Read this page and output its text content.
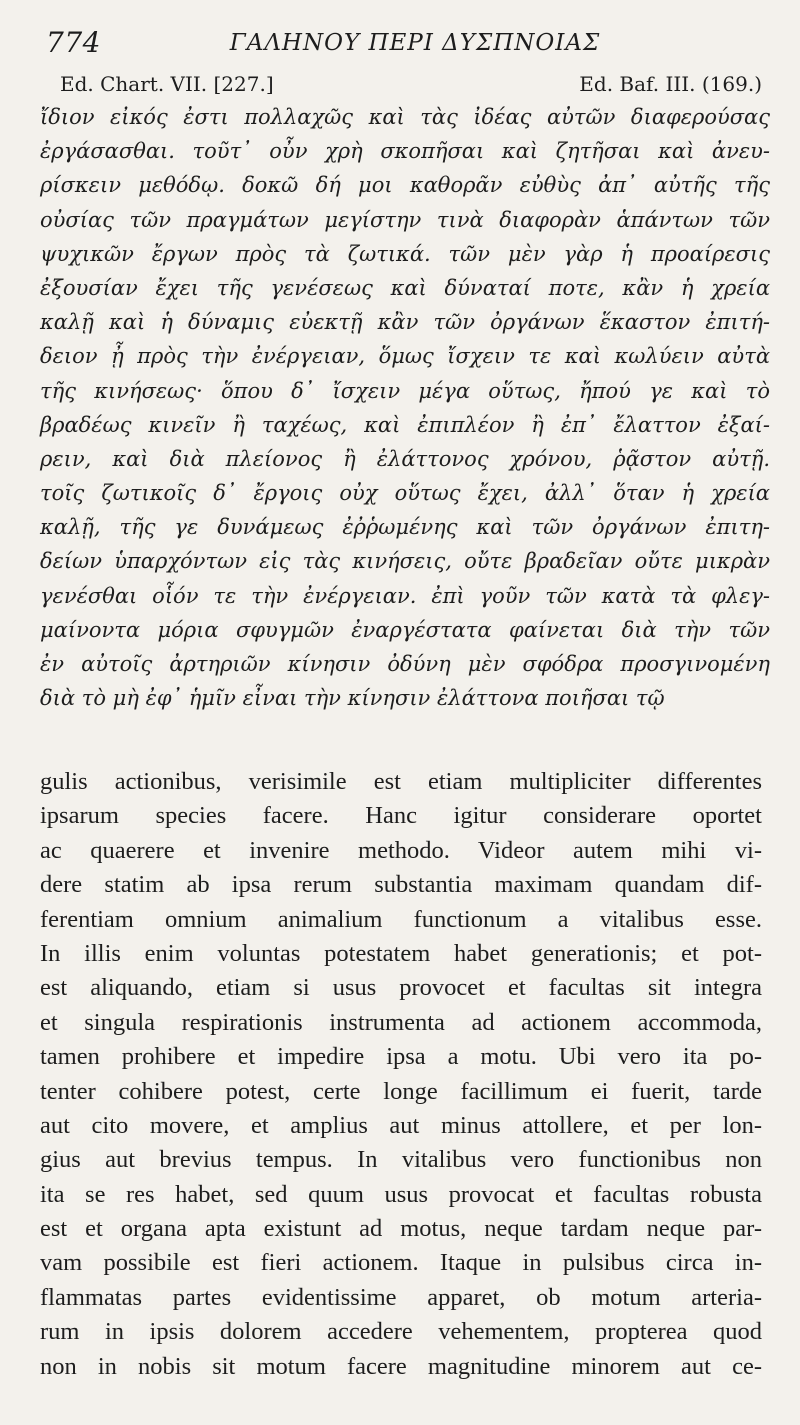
774	ΓΑΛΗΝΟΥ ΠΕΡΙ ΔΥΣΠΝΟΙΑΣ
Ed. Chart. VII. [227.]	Ed. Baf. III. (169.)
ἴδιον εἰκός ἐστι πολλαχῶς καὶ τὰς ἰδέας αὐτῶν διαφερούσας
ἐργάσασθαι. τοῦτ᾽ οὖν χρὴ σκοπῆσαι καὶ ζητῆσαι καὶ ἀνευ-
ρίσκειν μεθόδῳ. δοκῶ δή μοι καθορᾶν εὐθὺς ἀπ᾽ αὐτῆς τῆς
οὐσίας τῶν πραγμάτων μεγίστην τινὰ διαφορὰν ἁπάντων τῶν
ψυχικῶν ἔργων πρὸς τὰ ζωτικά. τῶν μὲν γὰρ ἡ προαίρεσις
ἐξουσίαν ἔχει τῆς γενέσεως καὶ δύναταί ποτε, κἂν ἡ χρεία
καλῇ καὶ ἡ δύναμις εὐεκτῇ κἂν τῶν ὀργάνων ἕκαστον ἐπιτή-
δειον ᾖ πρὸς τὴν ἐνέργειαν, ὅμως ἴσχειν τε καὶ κωλύειν αὐτὰ
τῆς κινήσεως· ὅπου δ᾽ ἴσχειν μέγα οὕτως, ἤπού γε καὶ τὸ
βραδέως κινεῖν ἢ ταχέως, καὶ ἐπιπλέον ἢ ἐπ᾽ ἔλαττον ἐξαί-
ρειν, καὶ διὰ πλείονος ἢ ἐλάττονος χρόνου, ῥᾷστον αὐτῇ.
τοῖς ζωτικοῖς δ᾽ ἔργοις οὐχ οὕτως ἔχει, ἀλλ᾽ ὅταν ἡ χρεία
καλῇ, τῆς γε δυνάμεως ἐῤῥωμένης καὶ τῶν ὀργάνων ἐπιτη-
δείων ὑπαρχόντων εἰς τὰς κινήσεις, οὔτε βραδεῖαν οὔτε μικρὰν
γενέσθαι οἷόν τε τὴν ἐνέργειαν. ἐπὶ γοῦν τῶν κατὰ τὰ φλεγ-
μαίνοντα μόρια σφυγμῶν ἐναργέστατα φαίνεται διὰ τὴν τῶν
ἐν αὐτοῖς ἀρτηριῶν κίνησιν ὀδύνη μὲν σφόδρα προσγινομένη
διὰ τὸ μὴ ἐφ᾽ ἡμῖν εἶναι τὴν κίνησιν ἐλάττονα ποιῆσαι τῷ
gulis actionibus, verisimile est etiam multipliciter differentes
ipsarum species facere. Hanc igitur considerare oportet
ac quaerere et invenire methodo. Videor autem mihi vi-
dere statim ab ipsa rerum substantia maximam quandam dif-
ferentiam omnium animalium functionum a vitalibus esse.
In illis enim voluntas potestatem habet generationis; et pot-
est aliquando, etiam si usus provocet et facultas sit integra
et singula respirationis instrumenta ad actionem accommoda,
tamen prohibere et impedire ipsa a motu. Ubi vero ita po-
tenter cohibere potest, certe longe facillimum ei fuerit, tarde
aut cito movere, et amplius aut minus attollere, et per lon-
gius aut brevius tempus. In vitalibus vero functionibus non
ita se res habet, sed quum usus provocat et facultas robusta
est et organa apta existunt ad motus, neque tardam neque par-
vam possibile est fieri actionem. Itaque in pulsibus circa in-
flammatas partes evidentissime apparet, ob motum arteria-
rum in ipsis dolorem accedere vehementem, propterea quod
non in nobis sit motum facere magnitudine minorem aut ce-
